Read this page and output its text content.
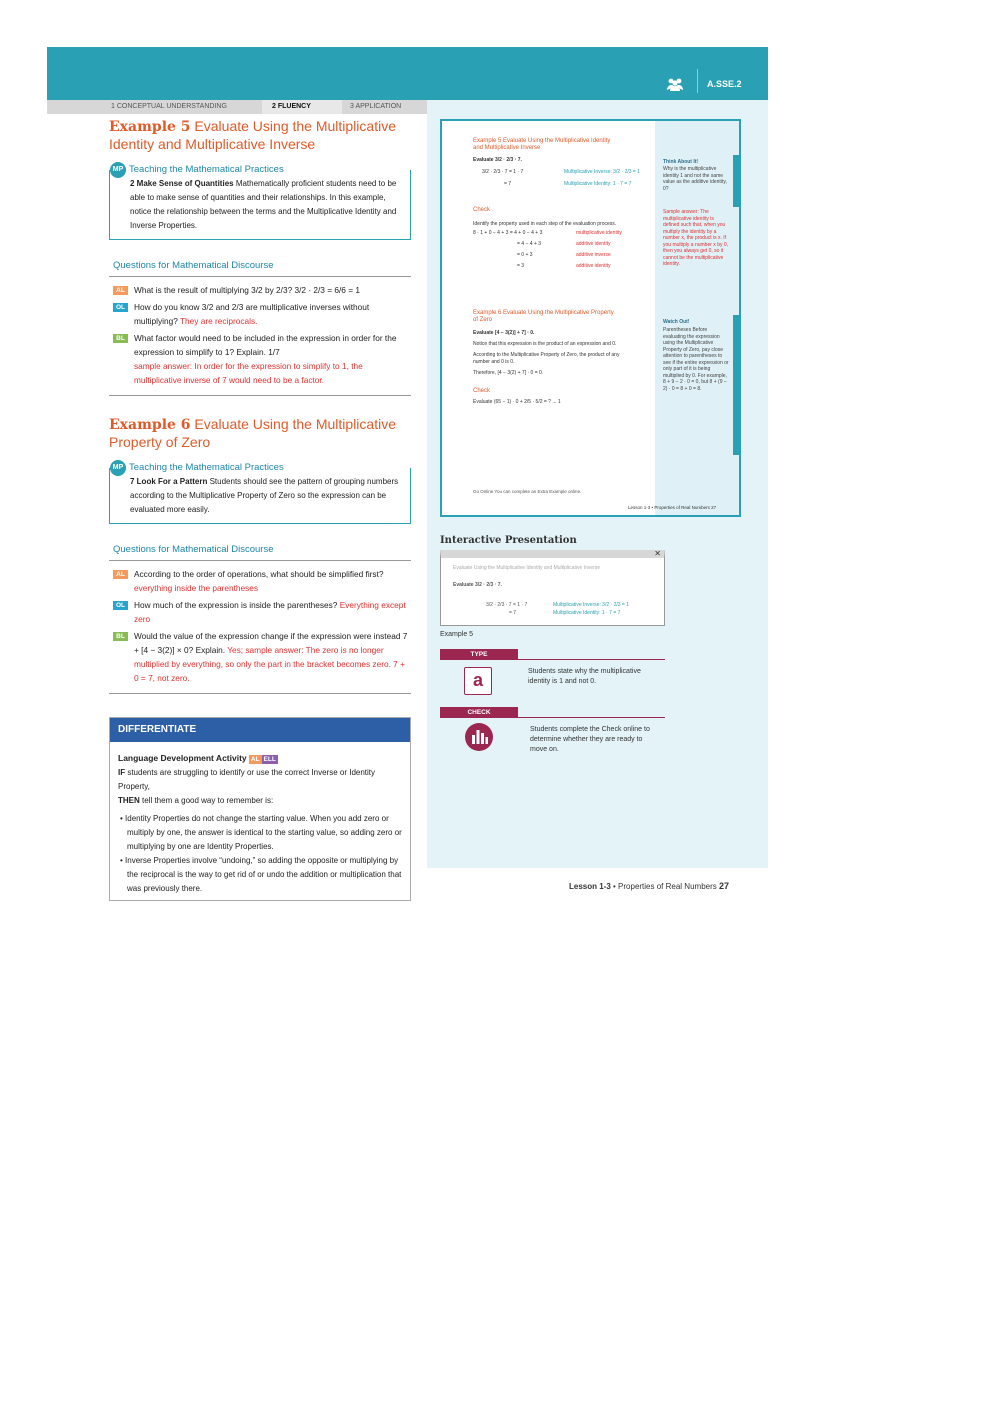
A.SSE.2
1 CONCEPTUAL UNDERSTANDING	2 FLUENCY	3 APPLICATION
Example 5 Evaluate Using the Multiplicative Identity and Multiplicative Inverse
MP Teaching the Mathematical Practices
2 Make Sense of Quantities Mathematically proficient students need to be able to make sense of quantities and their relationships. In this example, notice the relationship between the terms and the Multiplicative Identity and Inverse Properties.
Questions for Mathematical Discourse
AL	What is the result of multiplying 3/2 by 2/3? 3/2 · 2/3 = 6/6 = 1
OL	How do you know 3/2 and 2/3 are multiplicative inverses without multiplying? They are reciprocals.
BL	What factor would need to be included in the expression in order for the expression to simplify to 1? Explain. 1/7
sample answer: In order for the expression to simplify to 1, the multiplicative inverse of 7 would need to be a factor.
Example 6 Evaluate Using the Multiplicative Property of Zero
MP Teaching the Mathematical Practices
7 Look For a Pattern Students should see the pattern of grouping numbers according to the Multiplicative Property of Zero so the expression can be evaluated more easily.
Questions for Mathematical Discourse
AL	According to the order of operations, what should be simplified first? everything inside the parentheses
OL	How much of the expression is inside the parentheses? Everything except zero
BL	Would the value of the expression change if the expression were instead 7 + [4 − 3(2)] × 0? Explain. Yes; sample answer: The zero is no longer multiplied by everything, so only the part in the bracket becomes zero. 7 + 0 = 7, not zero.
DIFFERENTIATE
Language Development Activity AL ELL
IF students are struggling to identify or use the correct Inverse or Identity Property,
THEN tell them a good way to remember is:
• Identity Properties do not change the starting value. When you add zero or multiply by one, the answer is identical to the starting value, so adding zero or multiplying by one are Identity Properties.
• Inverse Properties involve “undoing,” so adding the opposite or multiplying by the reciprocal is the way to get rid of or undo the addition or multiplication that was previously there.
Think About It!
Why is the multiplicative identity 1 and not the same value as the additive identity, 0?
Sample answer: The multiplicative identity is defined such that, when you multiply the identity by a number x, the product is x. If you multiply a number x by 0, then you always get 0, so it cannot be the multiplicative identity.
Watch Out!
Parentheses Before evaluating the expression using the Multiplicative Property of Zero, pay close attention to parentheses to see if the entire expression or only part of it is being multiplied by 0. For example, 8 + 9 − 2 · 0 = 0, but 8 + (9 − 2) · 0 = 8 + 0 = 8.
Example 5 Evaluate Using the Multiplicative Identity
and Multiplicative Inverse
Evaluate 3/2 · 2/3 · 7.
3/2 · 2/3 · 7 = 1 · 7	Multiplicative Inverse: 3/2 · 2/3 = 1
= 7	Multiplicative Identity: 1 · 7 = 7
Check
Identify the property used in each step of the evaluation process.
8 · 1 + 0 − 4 + 3 = 4 + 0 − 4 + 3	multiplicative identity
= 4 − 4 + 3	additive identity
= 0 + 3	additive inverse
= 3	additive identity
Example 6 Evaluate Using the Multiplicative Property
of Zero
Evaluate [4 − 3(2)] + 7] · 0.
Notice that this expression is the product of an expression and 0.
According to the Multiplicative Property of Zero, the product of any
number and 0 is 0.
Therefore, [4 − 3(2) + 7] · 0 = 0.
Check
Evaluate (65 − 1) · 0 + 2/5 · 5/2 = ? ... 1
Go Online You can complete an Extra Example online.
Lesson 1-3 • Properties of Real Numbers 27
Interactive Presentation
✕
Evaluate Using the Multiplicative Identity and Multiplicative Inverse
Evaluate 3/2 · 2/3 · 7.
3/2 · 2/3 · 7 = 1 · 7	Multiplicative Inverse: 3/2 · 2/3 = 1
= 7	Multiplicative Identity: 1 · 7 = 7
Example 5
TYPE
a	Students state why the multiplicative identity is 1 and not 0.
CHECK
Students complete the Check online to determine whether they are ready to move on.
Lesson 1-3 • Properties of Real Numbers 27
